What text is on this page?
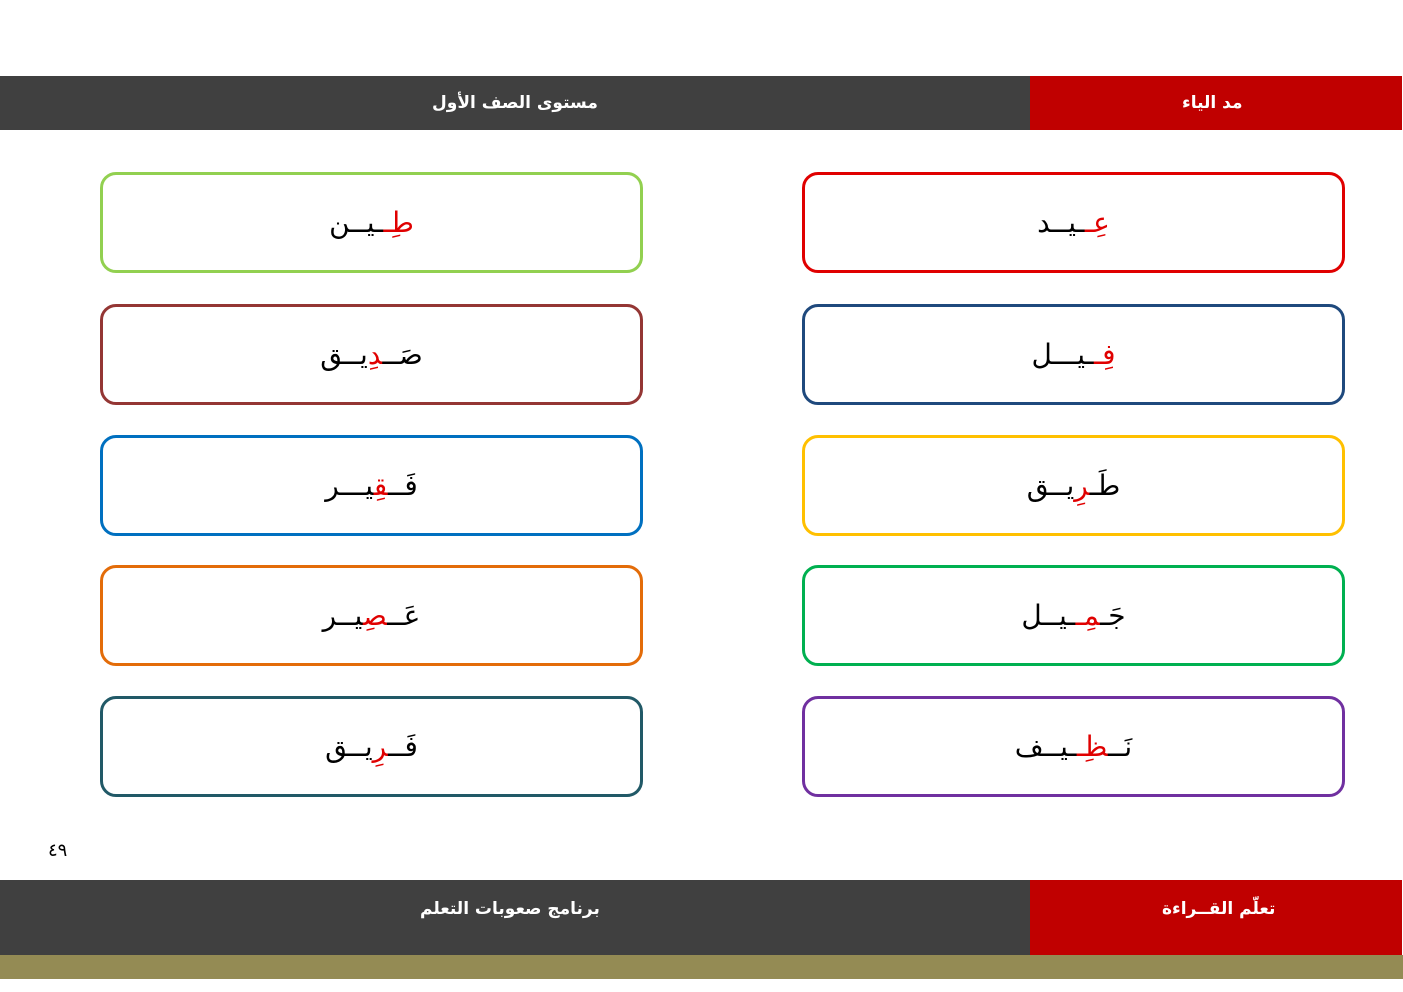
مستوى الصف الأول	مد الياء
طِــيــن
صَــدِيــق
فَــقِيـــر
عَــصِيــر
فَــرِيــق
عِــيــد
فِــيـــل
طَـرِيــق
جَـمِــيــل
نَــظِــيــف
٤٩
برنامج صعوبات التعلم	تعلّم القــراءة
